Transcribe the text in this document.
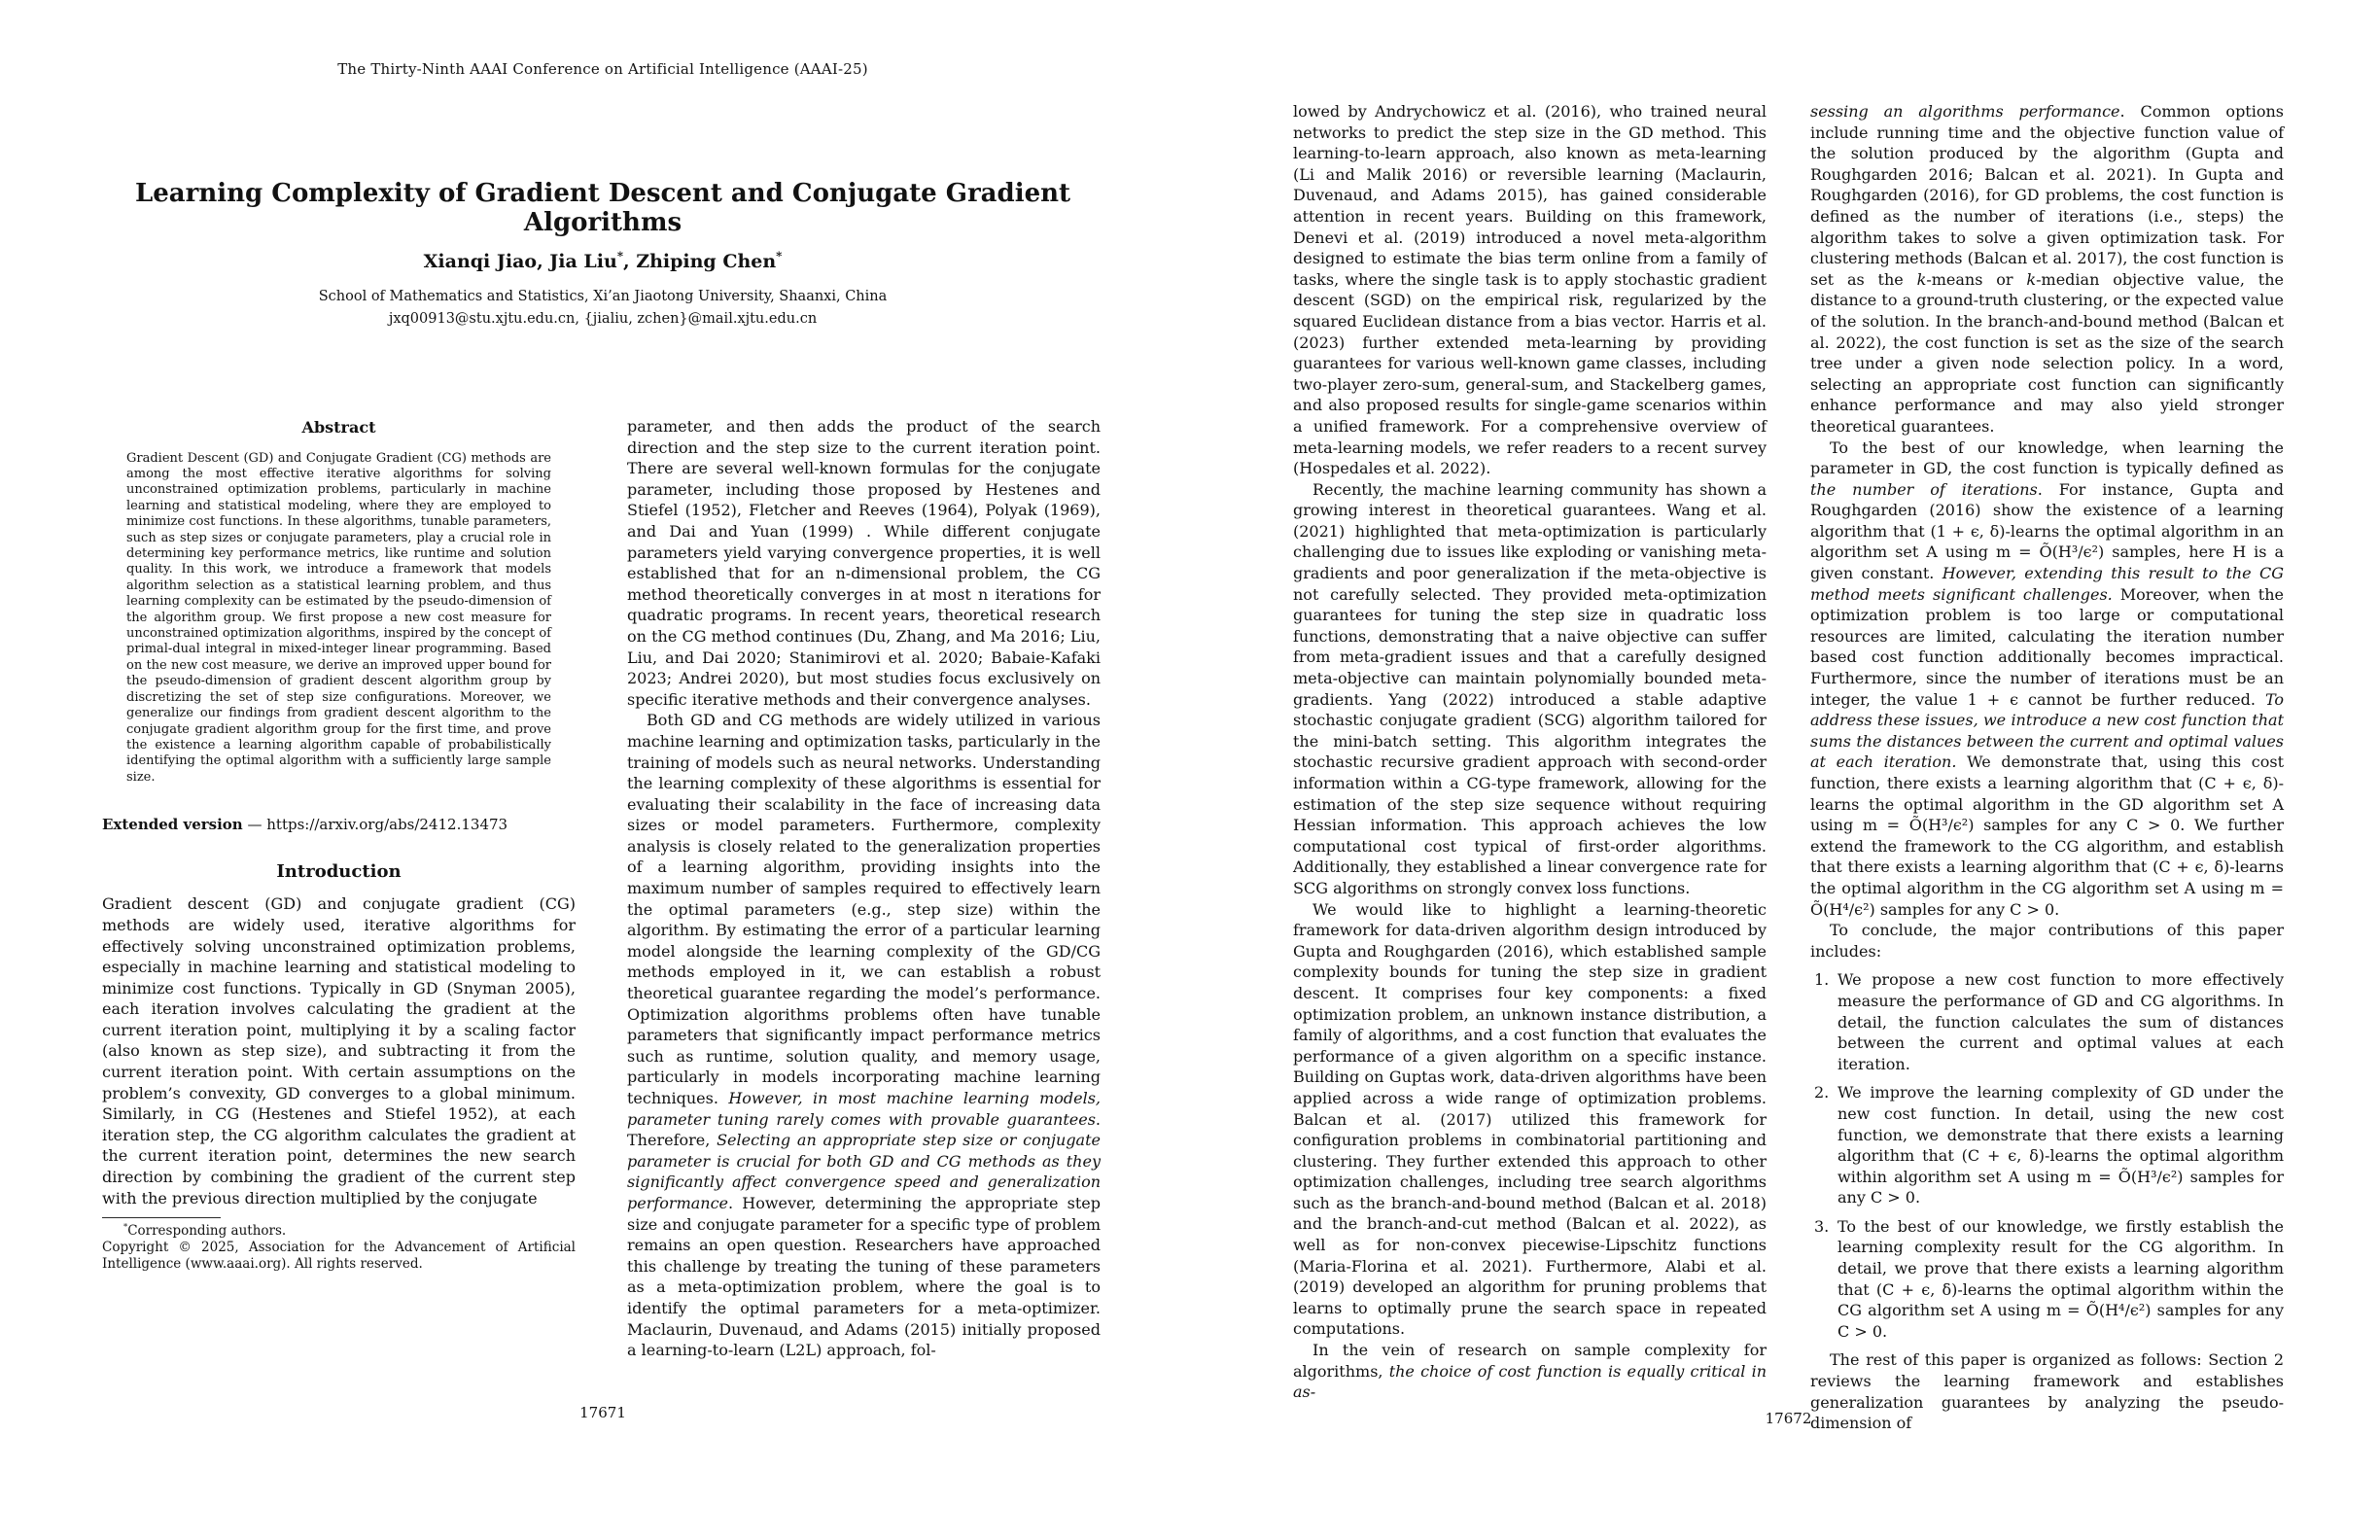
The Thirty-Ninth AAAI Conference on Artificial Intelligence (AAAI-25)
Learning Complexity of Gradient Descent and Conjugate Gradient Algorithms
Xianqi Jiao, Jia Liu*, Zhiping Chen*
School of Mathematics and Statistics, Xi’an Jiaotong University, Shaanxi, China
jxq00913@stu.xjtu.edu.cn, {jialiu, zchen}@mail.xjtu.edu.cn
Abstract
Gradient Descent (GD) and Conjugate Gradient (CG) methods are among the most effective iterative algorithms for solving unconstrained optimization problems, particularly in machine learning and statistical modeling, where they are employed to minimize cost functions. In these algorithms, tunable parameters, such as step sizes or conjugate parameters, play a crucial role in determining key performance metrics, like runtime and solution quality. In this work, we introduce a framework that models algorithm selection as a statistical learning problem, and thus learning complexity can be estimated by the pseudo-dimension of the algorithm group. We first propose a new cost measure for unconstrained optimization algorithms, inspired by the concept of primal-dual integral in mixed-integer linear programming. Based on the new cost measure, we derive an improved upper bound for the pseudo-dimension of gradient descent algorithm group by discretizing the set of step size configurations. Moreover, we generalize our findings from gradient descent algorithm to the conjugate gradient algorithm group for the first time, and prove the existence a learning algorithm capable of probabilistically identifying the optimal algorithm with a sufficiently large sample size.
Extended version — https://arxiv.org/abs/2412.13473
Introduction
Gradient descent (GD) and conjugate gradient (CG) methods are widely used, iterative algorithms for effectively solving unconstrained optimization problems, especially in machine learning and statistical modeling to minimize cost functions. Typically in GD (Snyman 2005), each iteration involves calculating the gradient at the current iteration point, multiplying it by a scaling factor (also known as step size), and subtracting it from the current iteration point. With certain assumptions on the problem’s convexity, GD converges to a global minimum. Similarly, in CG (Hestenes and Stiefel 1952), at each iteration step, the CG algorithm calculates the gradient at the current iteration point, determines the new search direction by combining the gradient of the current step with the previous direction multiplied by the conjugate
*Corresponding authors.
Copyright © 2025, Association for the Advancement of Artificial Intelligence (www.aaai.org). All rights reserved.
parameter, and then adds the product of the search direction and the step size to the current iteration point. There are several well-known formulas for the conjugate parameter, including those proposed by Hestenes and Stiefel (1952), Fletcher and Reeves (1964), Polyak (1969), and Dai and Yuan (1999) . While different conjugate parameters yield varying convergence properties, it is well established that for an n-dimensional problem, the CG method theoretically converges in at most n iterations for quadratic programs. In recent years, theoretical research on the CG method continues (Du, Zhang, and Ma 2016; Liu, Liu, and Dai 2020; Stanimirovi et al. 2020; Babaie-Kafaki 2023; Andrei 2020), but most studies focus exclusively on specific iterative methods and their convergence analyses.
Both GD and CG methods are widely utilized in various machine learning and optimization tasks, particularly in the training of models such as neural networks. Understanding the learning complexity of these algorithms is essential for evaluating their scalability in the face of increasing data sizes or model parameters. Furthermore, complexity analysis is closely related to the generalization properties of a learning algorithm, providing insights into the maximum number of samples required to effectively learn the optimal parameters (e.g., step size) within the algorithm. By estimating the error of a particular learning model alongside the learning complexity of the GD/CG methods employed in it, we can establish a robust theoretical guarantee regarding the model’s performance. Optimization algorithms problems often have tunable parameters that significantly impact performance metrics such as runtime, solution quality, and memory usage, particularly in models incorporating machine learning techniques. However, in most machine learning models, parameter tuning rarely comes with provable guarantees. Therefore, Selecting an appropriate step size or conjugate parameter is crucial for both GD and CG methods as they significantly affect convergence speed and generalization performance. However, determining the appropriate step size and conjugate parameter for a specific type of problem remains an open question. Researchers have approached this challenge by treating the tuning of these parameters as a meta-optimization problem, where the goal is to identify the optimal parameters for a meta-optimizer. Maclaurin, Duvenaud, and Adams (2015) initially proposed a learning-to-learn (L2L) approach, fol-
17671
lowed by Andrychowicz et al. (2016), who trained neural networks to predict the step size in the GD method. This learning-to-learn approach, also known as meta-learning (Li and Malik 2016) or reversible learning (Maclaurin, Duvenaud, and Adams 2015), has gained considerable attention in recent years. Building on this framework, Denevi et al. (2019) introduced a novel meta-algorithm designed to estimate the bias term online from a family of tasks, where the single task is to apply stochastic gradient descent (SGD) on the empirical risk, regularized by the squared Euclidean distance from a bias vector. Harris et al. (2023) further extended meta-learning by providing guarantees for various well-known game classes, including two-player zero-sum, general-sum, and Stackelberg games, and also proposed results for single-game scenarios within a unified framework. For a comprehensive overview of meta-learning models, we refer readers to a recent survey (Hospedales et al. 2022).
Recently, the machine learning community has shown a growing interest in theoretical guarantees. Wang et al. (2021) highlighted that meta-optimization is particularly challenging due to issues like exploding or vanishing meta-gradients and poor generalization if the meta-objective is not carefully selected. They provided meta-optimization guarantees for tuning the step size in quadratic loss functions, demonstrating that a naive objective can suffer from meta-gradient issues and that a carefully designed meta-objective can maintain polynomially bounded meta-gradients. Yang (2022) introduced a stable adaptive stochastic conjugate gradient (SCG) algorithm tailored for the mini-batch setting. This algorithm integrates the stochastic recursive gradient approach with second-order information within a CG-type framework, allowing for the estimation of the step size sequence without requiring Hessian information. This approach achieves the low computational cost typical of first-order algorithms. Additionally, they established a linear convergence rate for SCG algorithms on strongly convex loss functions.
We would like to highlight a learning-theoretic framework for data-driven algorithm design introduced by Gupta and Roughgarden (2016), which established sample complexity bounds for tuning the step size in gradient descent. It comprises four key components: a fixed optimization problem, an unknown instance distribution, a family of algorithms, and a cost function that evaluates the performance of a given algorithm on a specific instance. Building on Guptas work, data-driven algorithms have been applied across a wide range of optimization problems. Balcan et al. (2017) utilized this framework for configuration problems in combinatorial partitioning and clustering. They further extended this approach to other optimization challenges, including tree search algorithms such as the branch-and-bound method (Balcan et al. 2018) and the branch-and-cut method (Balcan et al. 2022), as well as for non-convex piecewise-Lipschitz functions (Maria-Florina et al. 2021). Furthermore, Alabi et al. (2019) developed an algorithm for pruning problems that learns to optimally prune the search space in repeated computations.
In the vein of research on sample complexity for algorithms, the choice of cost function is equally critical in as-
sessing an algorithms performance. Common options include running time and the objective function value of the solution produced by the algorithm (Gupta and Roughgarden 2016; Balcan et al. 2021). In Gupta and Roughgarden (2016), for GD problems, the cost function is defined as the number of iterations (i.e., steps) the algorithm takes to solve a given optimization task. For clustering methods (Balcan et al. 2017), the cost function is set as the k-means or k-median objective value, the distance to a ground-truth clustering, or the expected value of the solution. In the branch-and-bound method (Balcan et al. 2022), the cost function is set as the size of the search tree under a given node selection policy. In a word, selecting an appropriate cost function can significantly enhance performance and may also yield stronger theoretical guarantees.
To the best of our knowledge, when learning the parameter in GD, the cost function is typically defined as the number of iterations. For instance, Gupta and Roughgarden (2016) show the existence of a learning algorithm that (1 + ϵ, δ)-learns the optimal algorithm in an algorithm set A using m = Õ(H³/ϵ²) samples, here H is a given constant. However, extending this result to the CG method meets significant challenges. Moreover, when the optimization problem is too large or computational resources are limited, calculating the iteration number based cost function additionally becomes impractical. Furthermore, since the number of iterations must be an integer, the value 1 + ϵ cannot be further reduced. To address these issues, we introduce a new cost function that sums the distances between the current and optimal values at each iteration. We demonstrate that, using this cost function, there exists a learning algorithm that (C + ϵ, δ)-learns the optimal algorithm in the GD algorithm set A using m = Õ(H³/ϵ²) samples for any C > 0. We further extend the framework to the CG algorithm, and establish that there exists a learning algorithm that (C + ϵ, δ)-learns the optimal algorithm in the CG algorithm set A using m = Õ(H⁴/ϵ²) samples for any C > 0.
To conclude, the major contributions of this paper includes:
1. We propose a new cost function to more effectively measure the performance of GD and CG algorithms. In detail, the function calculates the sum of distances between the current and optimal values at each iteration.
2. We improve the learning complexity of GD under the new cost function. In detail, using the new cost function, we demonstrate that there exists a learning algorithm that (C + ϵ, δ)-learns the optimal algorithm within algorithm set A using m = Õ(H³/ϵ²) samples for any C > 0.
3. To the best of our knowledge, we firstly establish the learning complexity result for the CG algorithm. In detail, we prove that there exists a learning algorithm that (C + ϵ, δ)-learns the optimal algorithm within the CG algorithm set A using m = Õ(H⁴/ϵ²) samples for any C > 0.
The rest of this paper is organized as follows: Section 2 reviews the learning framework and establishes generalization guarantees by analyzing the pseudo-dimension of
17672
